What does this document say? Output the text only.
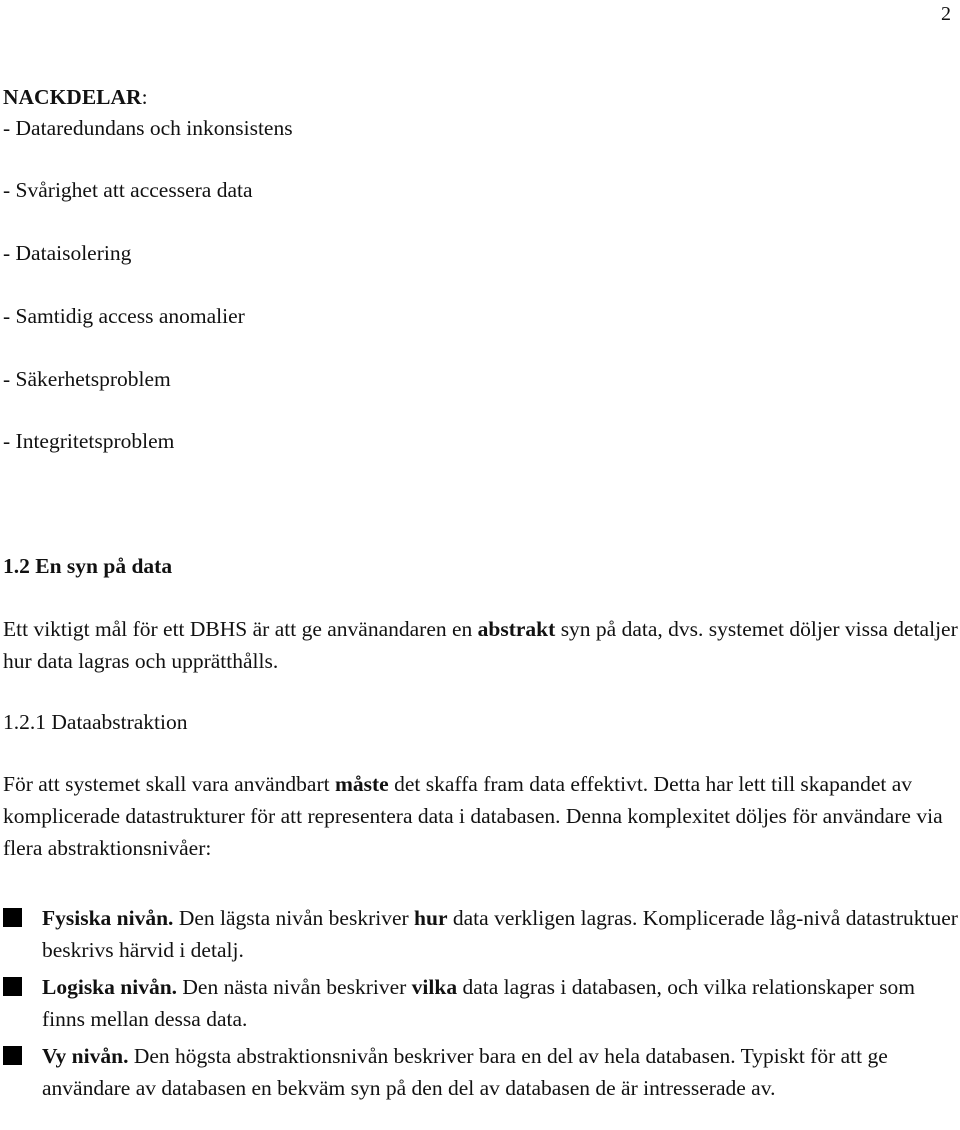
2
NACKDELAR:
- Dataredundans och inkonsistens
- Svårighet att accessera data
- Dataisolering
- Samtidig access anomalier
- Säkerhetsproblem
- Integritetsproblem
1.2 En syn på data
Ett viktigt mål för ett DBHS är att ge använandaren en abstrakt syn på data, dvs. systemet döljer vissa detaljer hur data lagras och upprätthålls.
1.2.1 Dataabstraktion
För att systemet skall vara användbart måste det skaffa fram data effektivt. Detta har lett till skapandet av komplicerade datastrukturer för att representera data i databasen. Denna komplexitet döljes för användare via flera abstraktionsnivåer:
Fysiska nivån. Den lägsta nivån beskriver hur data verkligen lagras. Komplicerade låg-nivå datastruktuer beskrivs härvid i detalj.
Logiska nivån. Den nästa nivån beskriver vilka data lagras i databasen, och vilka relationskaper som finns mellan dessa data.
Vy nivån. Den högsta abstraktionsnivån beskriver bara en del av hela databasen. Typiskt för att ge användare av databasen en bekväm syn på den del av databasen de är intresserade av.
